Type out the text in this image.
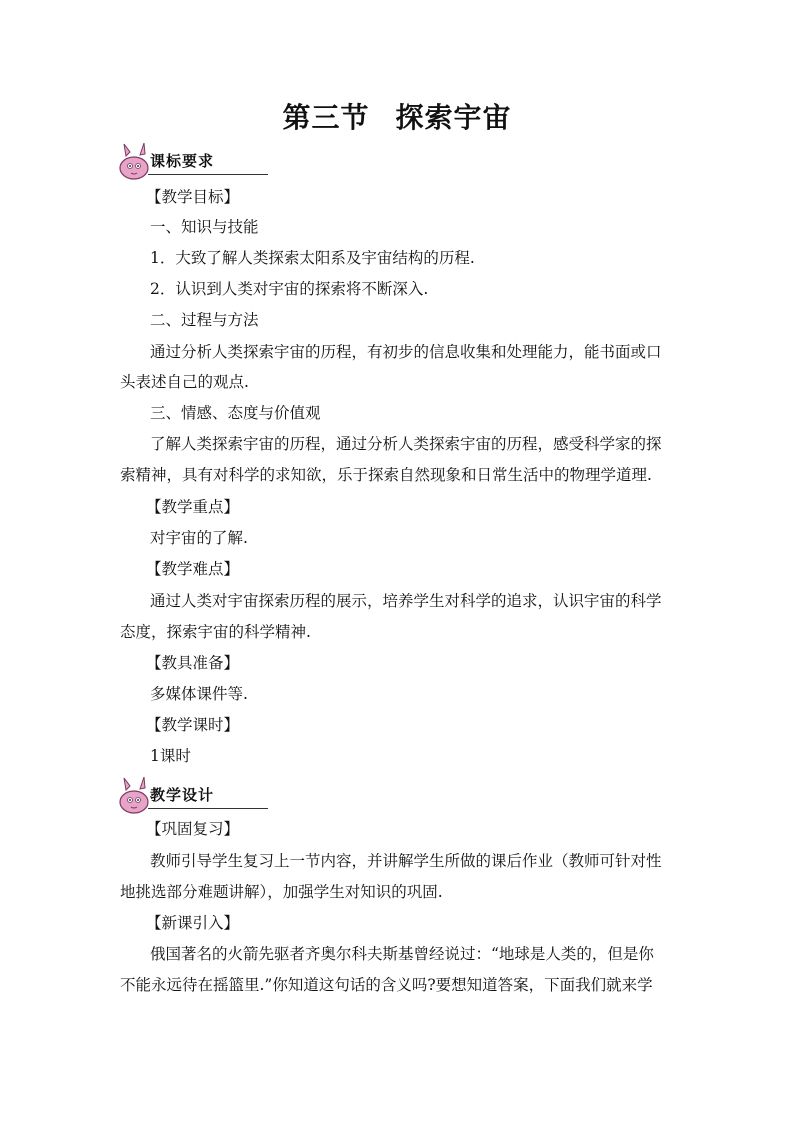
第三节 探索宇宙
课标要求
【教学目标】
一、知识与技能
1．大致了解人类探索太阳系及宇宙结构的历程.
2．认识到人类对宇宙的探索将不断深入.
二、过程与方法
通过分析人类探索宇宙的历程，有初步的信息收集和处理能力，能书面或口
头表述自己的观点.
三、情感、态度与价值观
了解人类探索宇宙的历程，通过分析人类探索宇宙的历程，感受科学家的探
索精神，具有对科学的求知欲，乐于探索自然现象和日常生活中的物理学道理.
【教学重点】
对宇宙的了解.
【教学难点】
通过人类对宇宙探索历程的展示，培养学生对科学的追求，认识宇宙的科学
态度，探索宇宙的科学精神.
【教具准备】
多媒体课件等.
【教学课时】
1课时
教学设计
【巩固复习】
教师引导学生复习上一节内容，并讲解学生所做的课后作业（教师可针对性
地挑选部分难题讲解），加强学生对知识的巩固.
【新课引入】
俄国著名的火箭先驱者齐奥尔科夫斯基曾经说过：“地球是人类的，但是你
不能永远待在摇篮里.”你知道这句话的含义吗?要想知道答案，下面我们就来学
